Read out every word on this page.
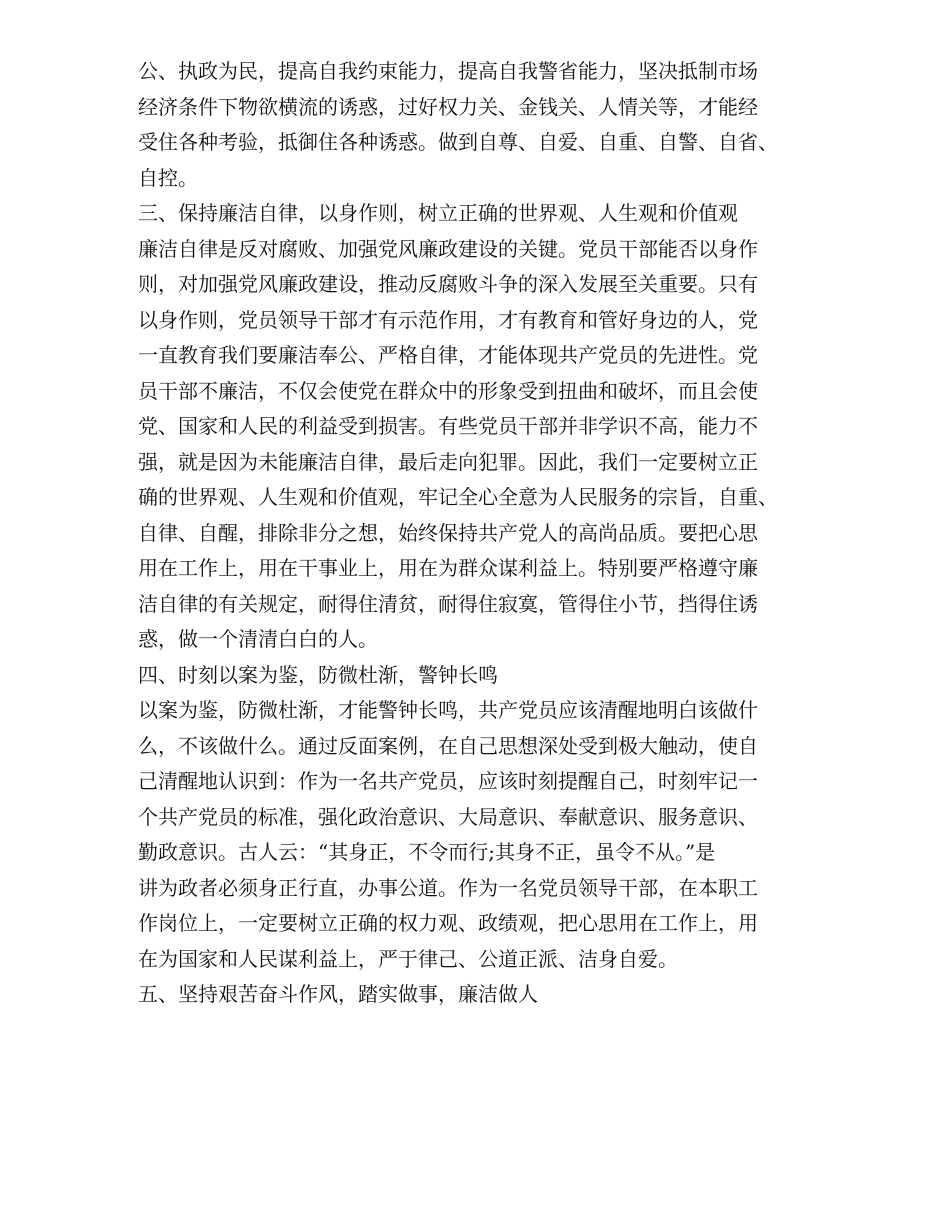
公、执政为民，提高自我约束能力，提高自我警省能力，坚决抵制市场
经济条件下物欲横流的诱惑，过好权力关、金钱关、人情关等，才能经
受住各种考验，抵御住各种诱惑。做到自尊、自爱、自重、自警、自省、
自控。
三、保持廉洁自律，以身作则，树立正确的世界观、人生观和价值观
廉洁自律是反对腐败、加强党风廉政建设的关键。党员干部能否以身作
则，对加强党风廉政建设，推动反腐败斗争的深入发展至关重要。只有
以身作则，党员领导干部才有示范作用，才有教育和管好身边的人，党
一直教育我们要廉洁奉公、严格自律，才能体现共产党员的先进性。党
员干部不廉洁，不仅会使党在群众中的形象受到扭曲和破坏，而且会使
党、国家和人民的利益受到损害。有些党员干部并非学识不高，能力不
强，就是因为未能廉洁自律，最后走向犯罪。因此，我们一定要树立正
确的世界观、人生观和价值观，牢记全心全意为人民服务的宗旨，自重、
自律、自醒，排除非分之想，始终保持共产党人的高尚品质。要把心思
用在工作上，用在干事业上，用在为群众谋利益上。特别要严格遵守廉
洁自律的有关规定，耐得住清贫，耐得住寂寞，管得住小节，挡得住诱
惑，做一个清清白白的人。
四、时刻以案为鉴，防微杜渐，警钟长鸣
以案为鉴，防微杜渐，才能警钟长鸣，共产党员应该清醒地明白该做什
么，不该做什么。通过反面案例，在自己思想深处受到极大触动，使自
己清醒地认识到：作为一名共产党员，应该时刻提醒自己，时刻牢记一
个共产党员的标准，强化政治意识、大局意识、奉献意识、服务意识、
勤政意识。古人云：“其身正，不令而行;其身不正，虽令不从。”是
讲为政者必须身正行直，办事公道。作为一名党员领导干部，在本职工
作岗位上，一定要树立正确的权力观、政绩观，把心思用在工作上，用
在为国家和人民谋利益上，严于律己、公道正派、洁身自爱。
五、坚持艰苦奋斗作风，踏实做事，廉洁做人
